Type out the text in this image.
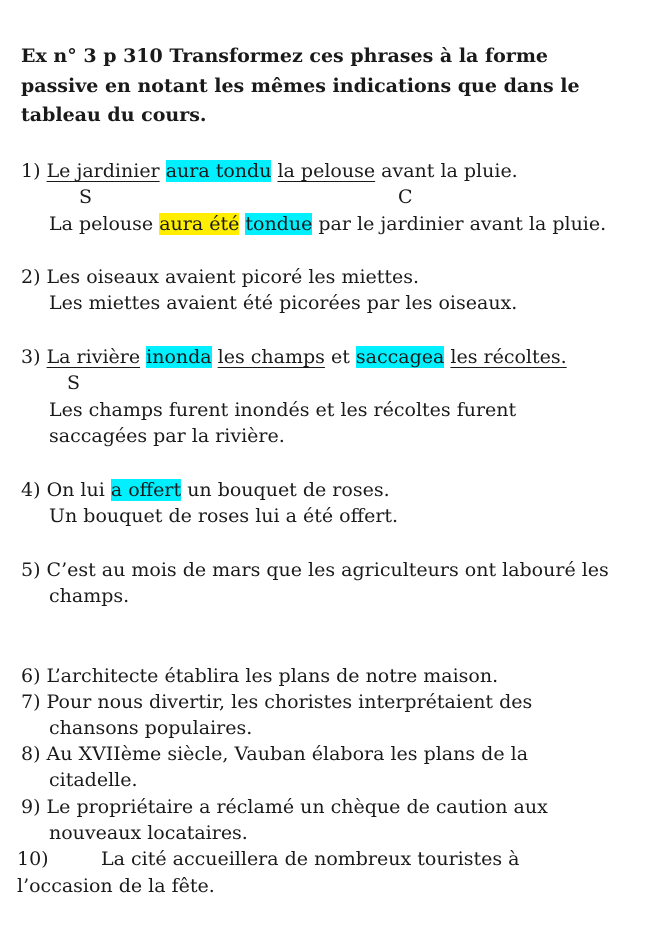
Ex n° 3 p 310 Transformez ces phrases à la forme
passive en notant les mêmes indications que dans le
tableau du cours.
1) Le jardinier aura tondu la pelouse avant la pluie.
S	C
La pelouse aura été tondue par le jardinier avant la pluie.
2) Les oiseaux avaient picoré les miettes.
Les miettes avaient été picorées par les oiseaux.
3) La rivière inonda les champs et saccagea les récoltes.
S
Les champs furent inondés et les récoltes furent
saccagées par la rivière.
4) On lui a offert un bouquet de roses.
Un bouquet de roses lui a été offert.
5) C’est au mois de mars que les agriculteurs ont labouré les
champs.
6) L’architecte établira les plans de notre maison.
7) Pour nous divertir, les choristes interprétaient des
chansons populaires.
8) Au XVIIème siècle, Vauban élabora les plans de la
citadelle.
9) Le propriétaire a réclamé un chèque de caution aux
nouveaux locataires.
10)	La cité accueillera de nombreux touristes à
l’occasion de la fête.
